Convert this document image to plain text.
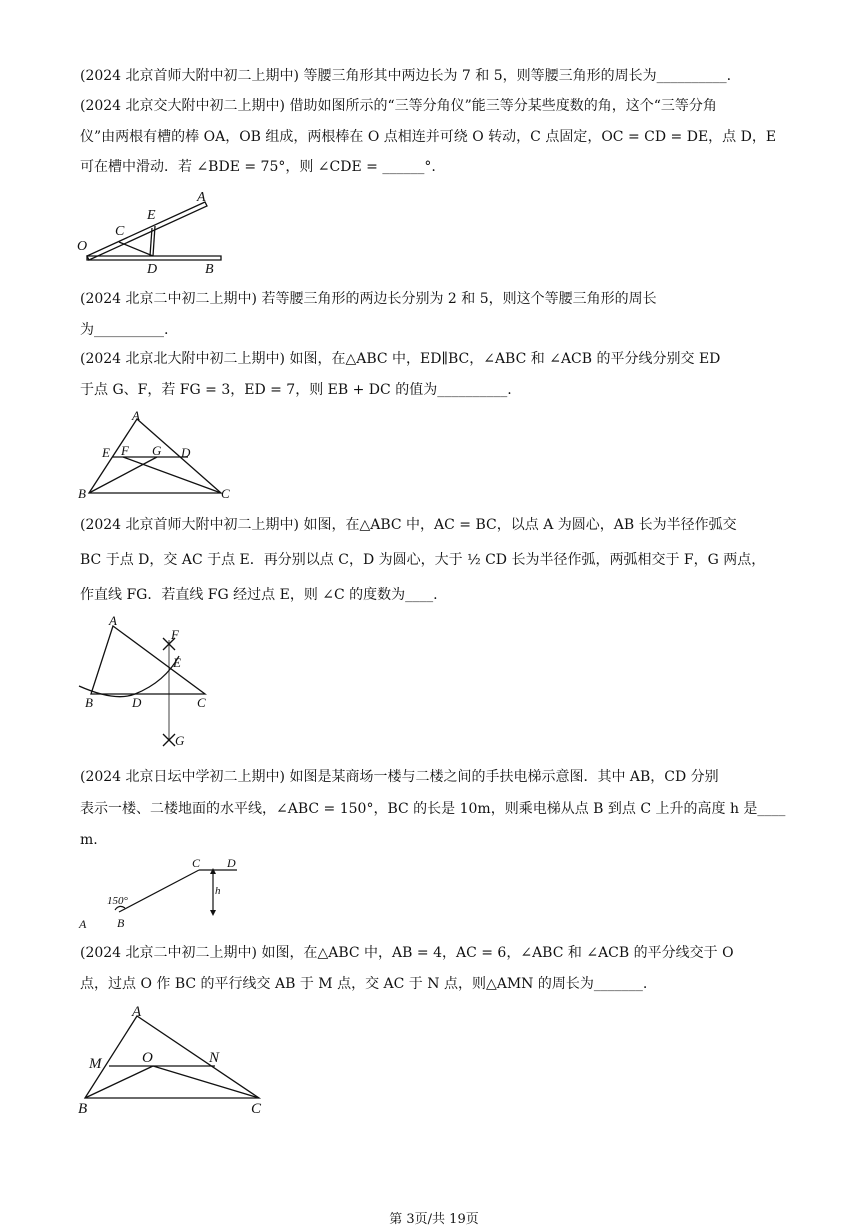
(2024 北京首师大附中初二上期中) 等腰三角形其中两边长为 7 和 5，则等腰三角形的周长为__________.
(2024 北京交大附中初二上期中) 借助如图所示的“三等分角仪”能三等分某些度数的角，这个“三等分角
仪”由两根有槽的棒 OA，OB 组成，两根棒在 O 点相连并可绕 O 转动，C 点固定，OC = CD = DE，点 D，E
可在槽中滑动．若 ∠BDE = 75°，则 ∠CDE = ______°.
A
E
C
O
D	B
(2024 北京二中初二上期中) 若等腰三角形的两边长分别为 2 和 5，则这个等腰三角形的周长
为__________.
(2024 北京北大附中初二上期中) 如图，在△ABC 中，ED∥BC，∠ABC 和 ∠ACB 的平分线分别交 ED
于点 G、F，若 FG = 3，ED = 7，则 EB + DC 的值为__________.
A
E F G D
B	C
(2024 北京首师大附中初二上期中) 如图，在△ABC 中，AC = BC，以点 A 为圆心，AB 长为半径作弧交
BC 于点 D，交 AC 于点 E．再分别以点 C，D 为圆心，大于 ½ CD 长为半径作弧，两弧相交于 F，G 两点，
作直线 FG．若直线 FG 经过点 E，则 ∠C 的度数为____.
A
F
E
B	D	C
G
(2024 北京日坛中学初二上期中) 如图是某商场一楼与二楼之间的手扶电梯示意图．其中 AB，CD 分别
表示一楼、二楼地面的水平线，∠ABC = 150°，BC 的长是 10m，则乘电梯从点 B 到点 C 上升的高度 h 是____
m.
C D
h
150°
A	B
(2024 北京二中初二上期中) 如图，在△ABC 中，AB = 4，AC = 6，∠ABC 和 ∠ACB 的平分线交于 O
点，过点 O 作 BC 的平行线交 AB 于 M 点，交 AC 于 N 点，则△AMN 的周长为_______.
A
M	O	N
B	C
第 3页/共 19页
